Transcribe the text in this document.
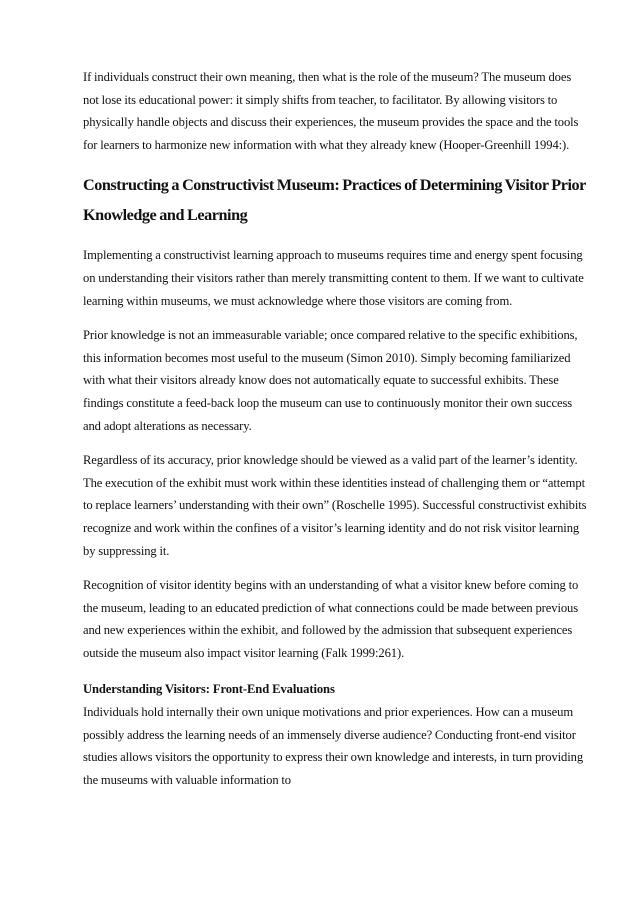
If individuals construct their own meaning, then what is the role of the museum? The museum does not lose its educational power: it simply shifts from teacher, to facilitator. By allowing visitors to physically handle objects and discuss their experiences, the museum provides the space and the tools for learners to harmonize new information with what they already knew (Hooper-Greenhill 1994:).

Constructing a Constructivist Museum: Practices of Determining Visitor Prior Knowledge and Learning

Implementing a constructivist learning approach to museums requires time and energy spent focusing on understanding their visitors rather than merely transmitting content to them. If we want to cultivate learning within museums, we must acknowledge where those visitors are coming from.

Prior knowledge is not an immeasurable variable; once compared relative to the specific exhibitions, this information becomes most useful to the museum (Simon 2010). Simply becoming familiarized with what their visitors already know does not automatically equate to successful exhibits. These findings constitute a feed-back loop the museum can use to continuously monitor their own success and adopt alterations as necessary.

Regardless of its accuracy, prior knowledge should be viewed as a valid part of the learner’s identity. The execution of the exhibit must work within these identities instead of challenging them or “attempt to replace learners’ understanding with their own” (Roschelle 1995). Successful constructivist exhibits recognize and work within the confines of a visitor’s learning identity and do not risk visitor learning by suppressing it.

Recognition of visitor identity begins with an understanding of what a visitor knew before coming to the museum, leading to an educated prediction of what connections could be made between previous and new experiences within the exhibit, and followed by the admission that subsequent experiences outside the museum also impact visitor learning (Falk 1999:261).

Understanding Visitors: Front-End Evaluations

Individuals hold internally their own unique motivations and prior experiences. How can a museum possibly address the learning needs of an immensely diverse audience? Conducting front-end visitor studies allows visitors the opportunity to express their own knowledge and interests, in turn providing the museums with valuable information to
